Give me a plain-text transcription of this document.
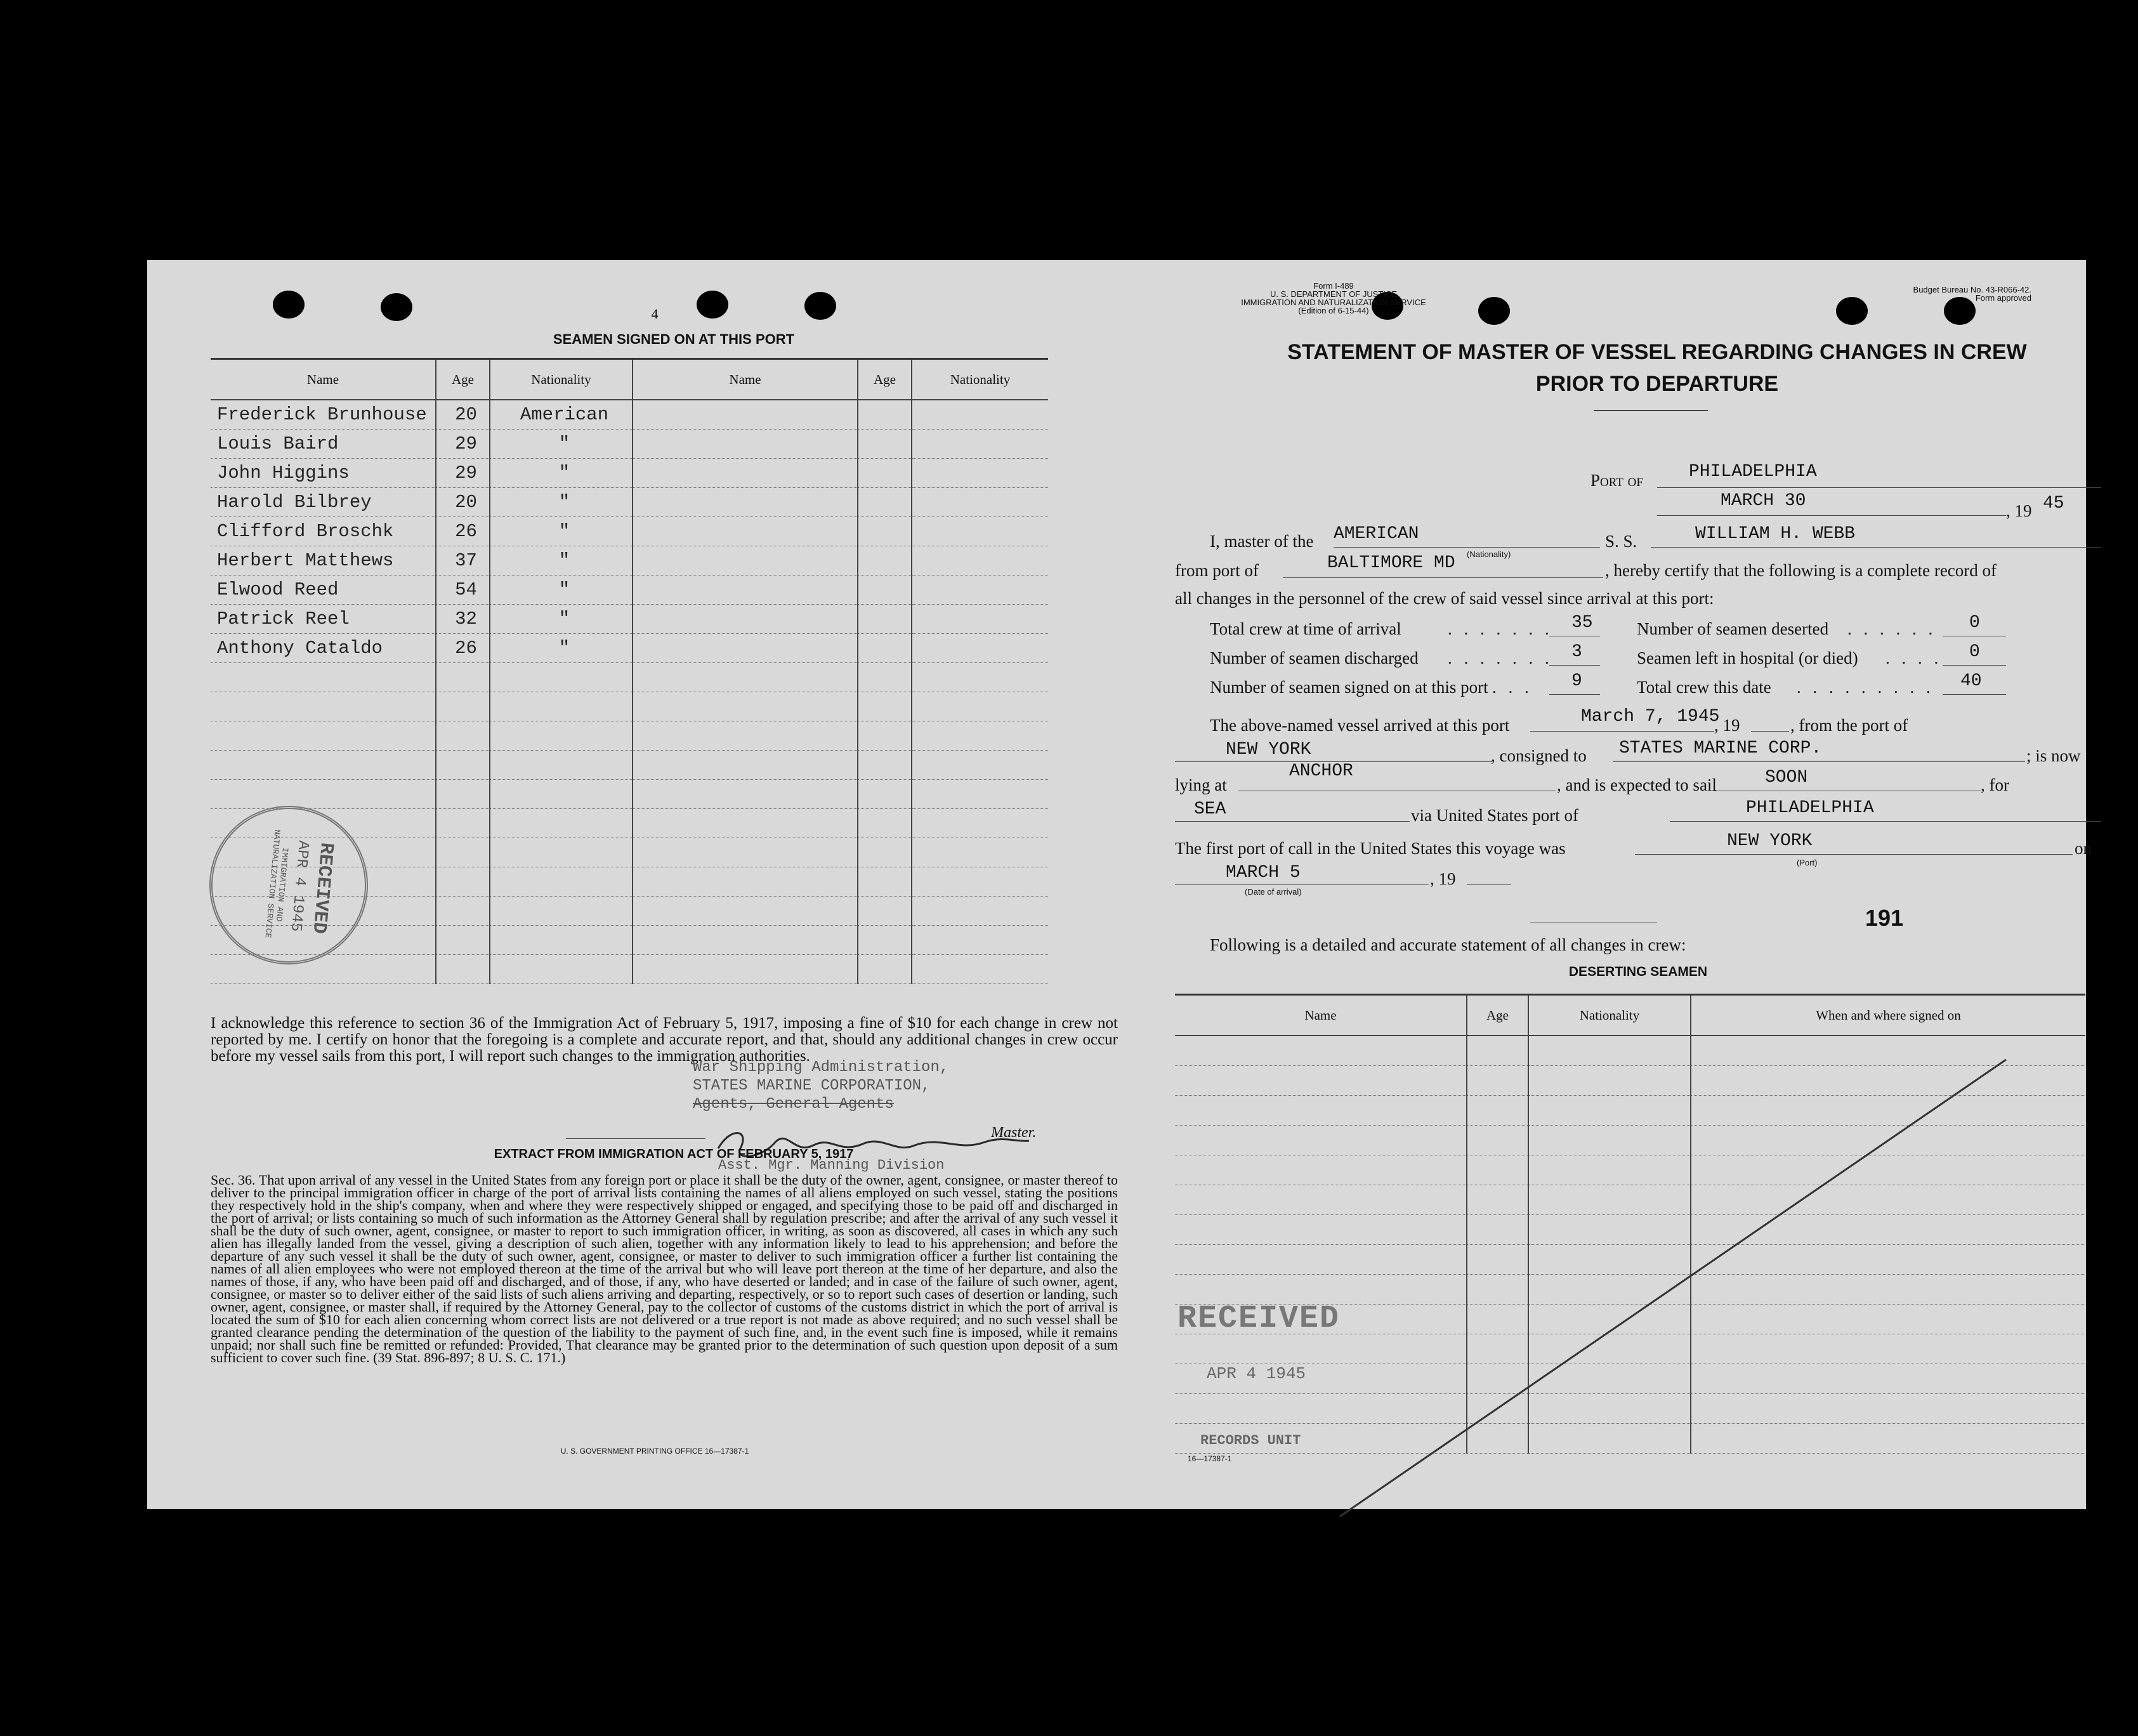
4
SEAMEN SIGNED ON AT THIS PORT
Name	Age	Nationality	Name	Age	Nationality
Frederick Brunhouse	20	American			
Louis Baird	29	"			
John Higgins	29	"			
Harold Bilbrey	20	"			
Clifford Broschk	26	"			
Herbert Matthews	37	"			
Elwood Reed	54	"			
Patrick Reel	32	"			
Anthony Cataldo	26	"			

RECEIVED
APR 4 1945
IMMIGRATION AND NATURALIZATION SERVICE
I acknowledge this reference to section 36 of the Immigration Act of February 5, 1917, imposing a fine of $10 for each change in crew not reported by me. I certify on honor that the foregoing is a complete and accurate report, and that, should any additional changes in crew occur before my vessel sails from this port, I will report such changes to the immigration authorities.
War Shipping Administration,
STATES MARINE CORPORATION,
Agents, General Agents
Master.
Asst. Mgr. Manning Division
EXTRACT FROM IMMIGRATION ACT OF FEBRUARY 5, 1917
Sec. 36. That upon arrival of any vessel in the United States from any foreign port or place it shall be the duty of the owner, agent, consignee, or master thereof to deliver to the principal immigration officer in charge of the port of arrival lists containing the names of all aliens employed on such vessel, stating the positions they respectively hold in the ship's company, when and where they were respectively shipped or engaged, and specifying those to be paid off and discharged in the port of arrival; or lists containing so much of such information as the Attorney General shall by regulation prescribe; and after the arrival of any such vessel it shall be the duty of such owner, agent, consignee, or master to report to such immigration officer, in writing, as soon as discovered, all cases in which any such alien has illegally landed from the vessel, giving a description of such alien, together with any information likely to lead to his apprehension; and before the departure of any such vessel it shall be the duty of such owner, agent, consignee, or master to deliver to such immigration officer a further list containing the names of all alien employees who were not employed thereon at the time of the arrival but who will leave port thereon at the time of her departure, and also the names of those, if any, who have been paid off and discharged, and of those, if any, who have deserted or landed; and in case of the failure of such owner, agent, consignee, or master so to deliver either of the said lists of such aliens arriving and departing, respectively, or so to report such cases of desertion or landing, such owner, agent, consignee, or master shall, if required by the Attorney General, pay to the collector of customs of the customs district in which the port of arrival is located the sum of $10 for each alien concerning whom correct lists are not delivered or a true report is not made as above required; and no such vessel shall be granted clearance pending the determination of the question of the liability to the payment of such fine, and, in the event such fine is imposed, while it remains unpaid; nor shall such fine be remitted or refunded: Provided, That clearance may be granted prior to the determination of such question upon deposit of a sum sufficient to cover such fine. (39 Stat. 896-897; 8 U. S. C. 171.)
U. S. GOVERNMENT PRINTING OFFICE 16—17387-1
Form I-489
U. S. DEPARTMENT OF JUSTICE
IMMIGRATION AND NATURALIZATION SERVICE
(Edition of 6-15-44)
Budget Bureau No. 43-R066-42.
Form approved
STATEMENT OF MASTER OF VESSEL REGARDING CHANGES IN CREW
PRIOR TO DEPARTURE
Port of	PHILADELPHIA
MARCH 30	, 19 45
I, master of the AMERICAN	S. S.	WILLIAM H. WEBB
(Nationality)
from port of	BALTIMORE MD	, hereby certify that the following is a complete record of
all changes in the personnel of the crew of said vessel since arrival at this port:
Total crew at time of arrival	. . . . . . . 35	Number of seamen deserted . . . . . . 0
Number of seamen discharged . . . . . . . 3	Seamen left in hospital (or died) . . . . 0
Number of seamen signed on at this port . . . 9	Total crew this date . . . . . . . . . 40
The above-named vessel arrived at this port	March 7, 1945
, 19	, from the port of
NEW YORK	, consigned to STATES MARINE CORP.	; is now
lying at
ANCHOR
, and is expected to sail	SOON	, for
SEA	via United States port of	PHILADELPHIA
The first port of call in the United States this voyage was	NEW YORK	on
(Port)
MARCH 5	, 19
(Date of arrival)
191
Following is a detailed and accurate statement of all changes in crew:
DESERTING SEAMEN
Name	Age	Nationality	When and where signed on

RECEIVED
APR 4 1945
RECORDS UNIT
16—17387-1
